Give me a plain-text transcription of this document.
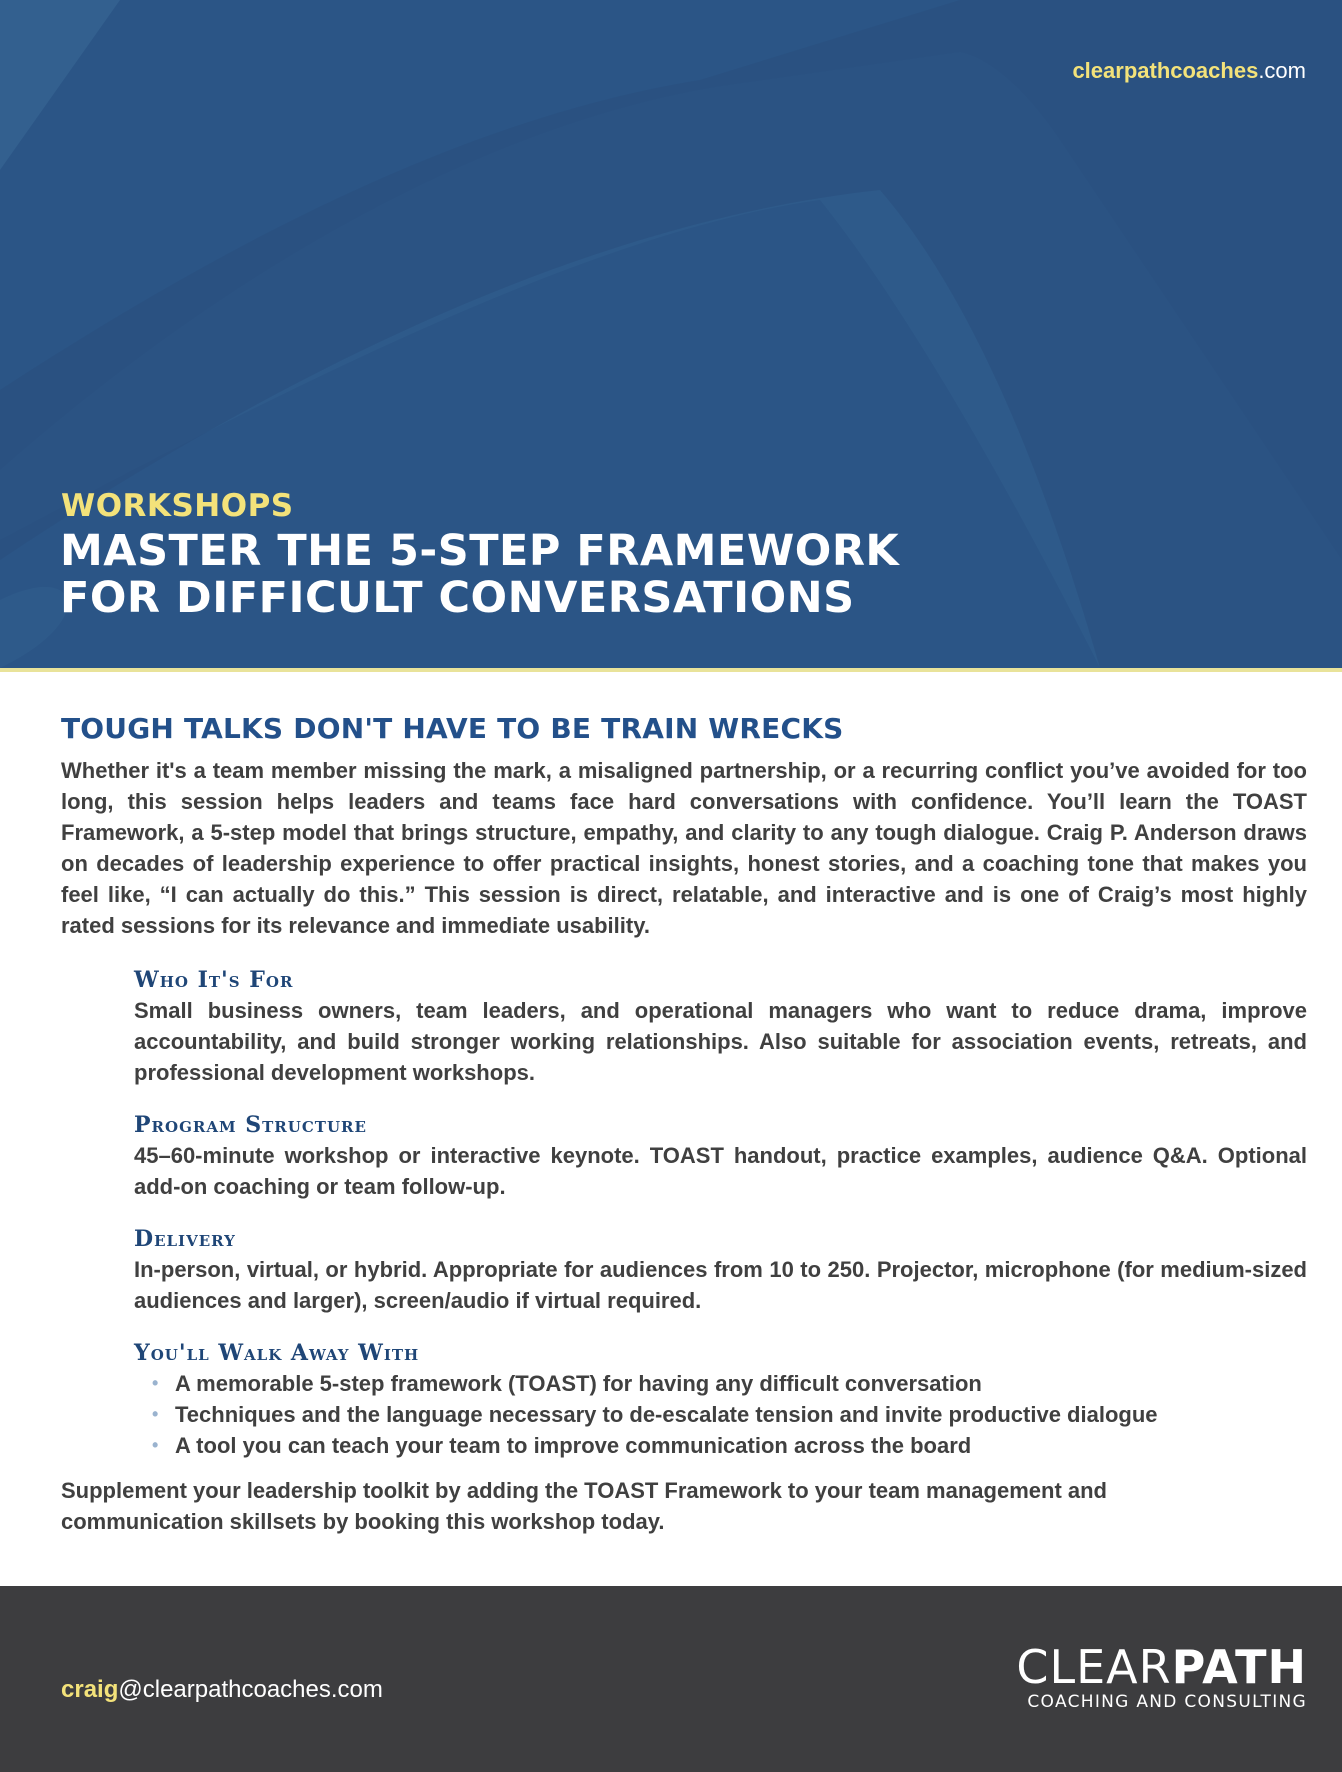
clearpathcoaches.com
WORKSHOPS
MASTER THE 5-STEP FRAMEWORK
FOR DIFFICULT CONVERSATIONS
TOUGH TALKS DON'T HAVE TO BE TRAIN WRECKS

Whether it's a team member missing the mark, a misaligned partnership, or a recurring conflict you’ve avoided for too long, this session helps leaders and teams face hard conversations with confidence. You’ll learn the TOAST Framework, a 5-step model that brings structure, empathy, and clarity to any tough dialogue. Craig P. Anderson draws on decades of leadership experience to offer practical insights, honest stories, and a coaching tone that makes you feel like, “I can actually do this.” This session is direct, relatable, and interactive and is one of Craig’s most highly rated sessions for its relevance and immediate usability.

Who It's For

Small business owners, team leaders, and operational managers who want to reduce drama, improve accountability, and build stronger working relationships. Also suitable for association events, retreats, and professional development workshops.

Program Structure

45–60-minute workshop or interactive keynote. TOAST handout, practice examples, audience Q&A. Optional add-on coaching or team follow-up.

Delivery

In-person, virtual, or hybrid. Appropriate for audiences from 10 to 250. Projector, microphone (for medium-sized audiences and larger), screen/audio if virtual required.

You'll Walk Away With
• A memorable 5-step framework (TOAST) for having any difficult conversation
• Techniques and the language necessary to de-escalate tension and invite productive dialogue
• A tool you can teach your team to improve communication across the board

Supplement your leadership toolkit by adding the TOAST Framework to your team management and

communication skillsets by booking this workshop today.

craig@clearpathcoaches.com	CLEARPATH
COACHING AND CONSULTING
